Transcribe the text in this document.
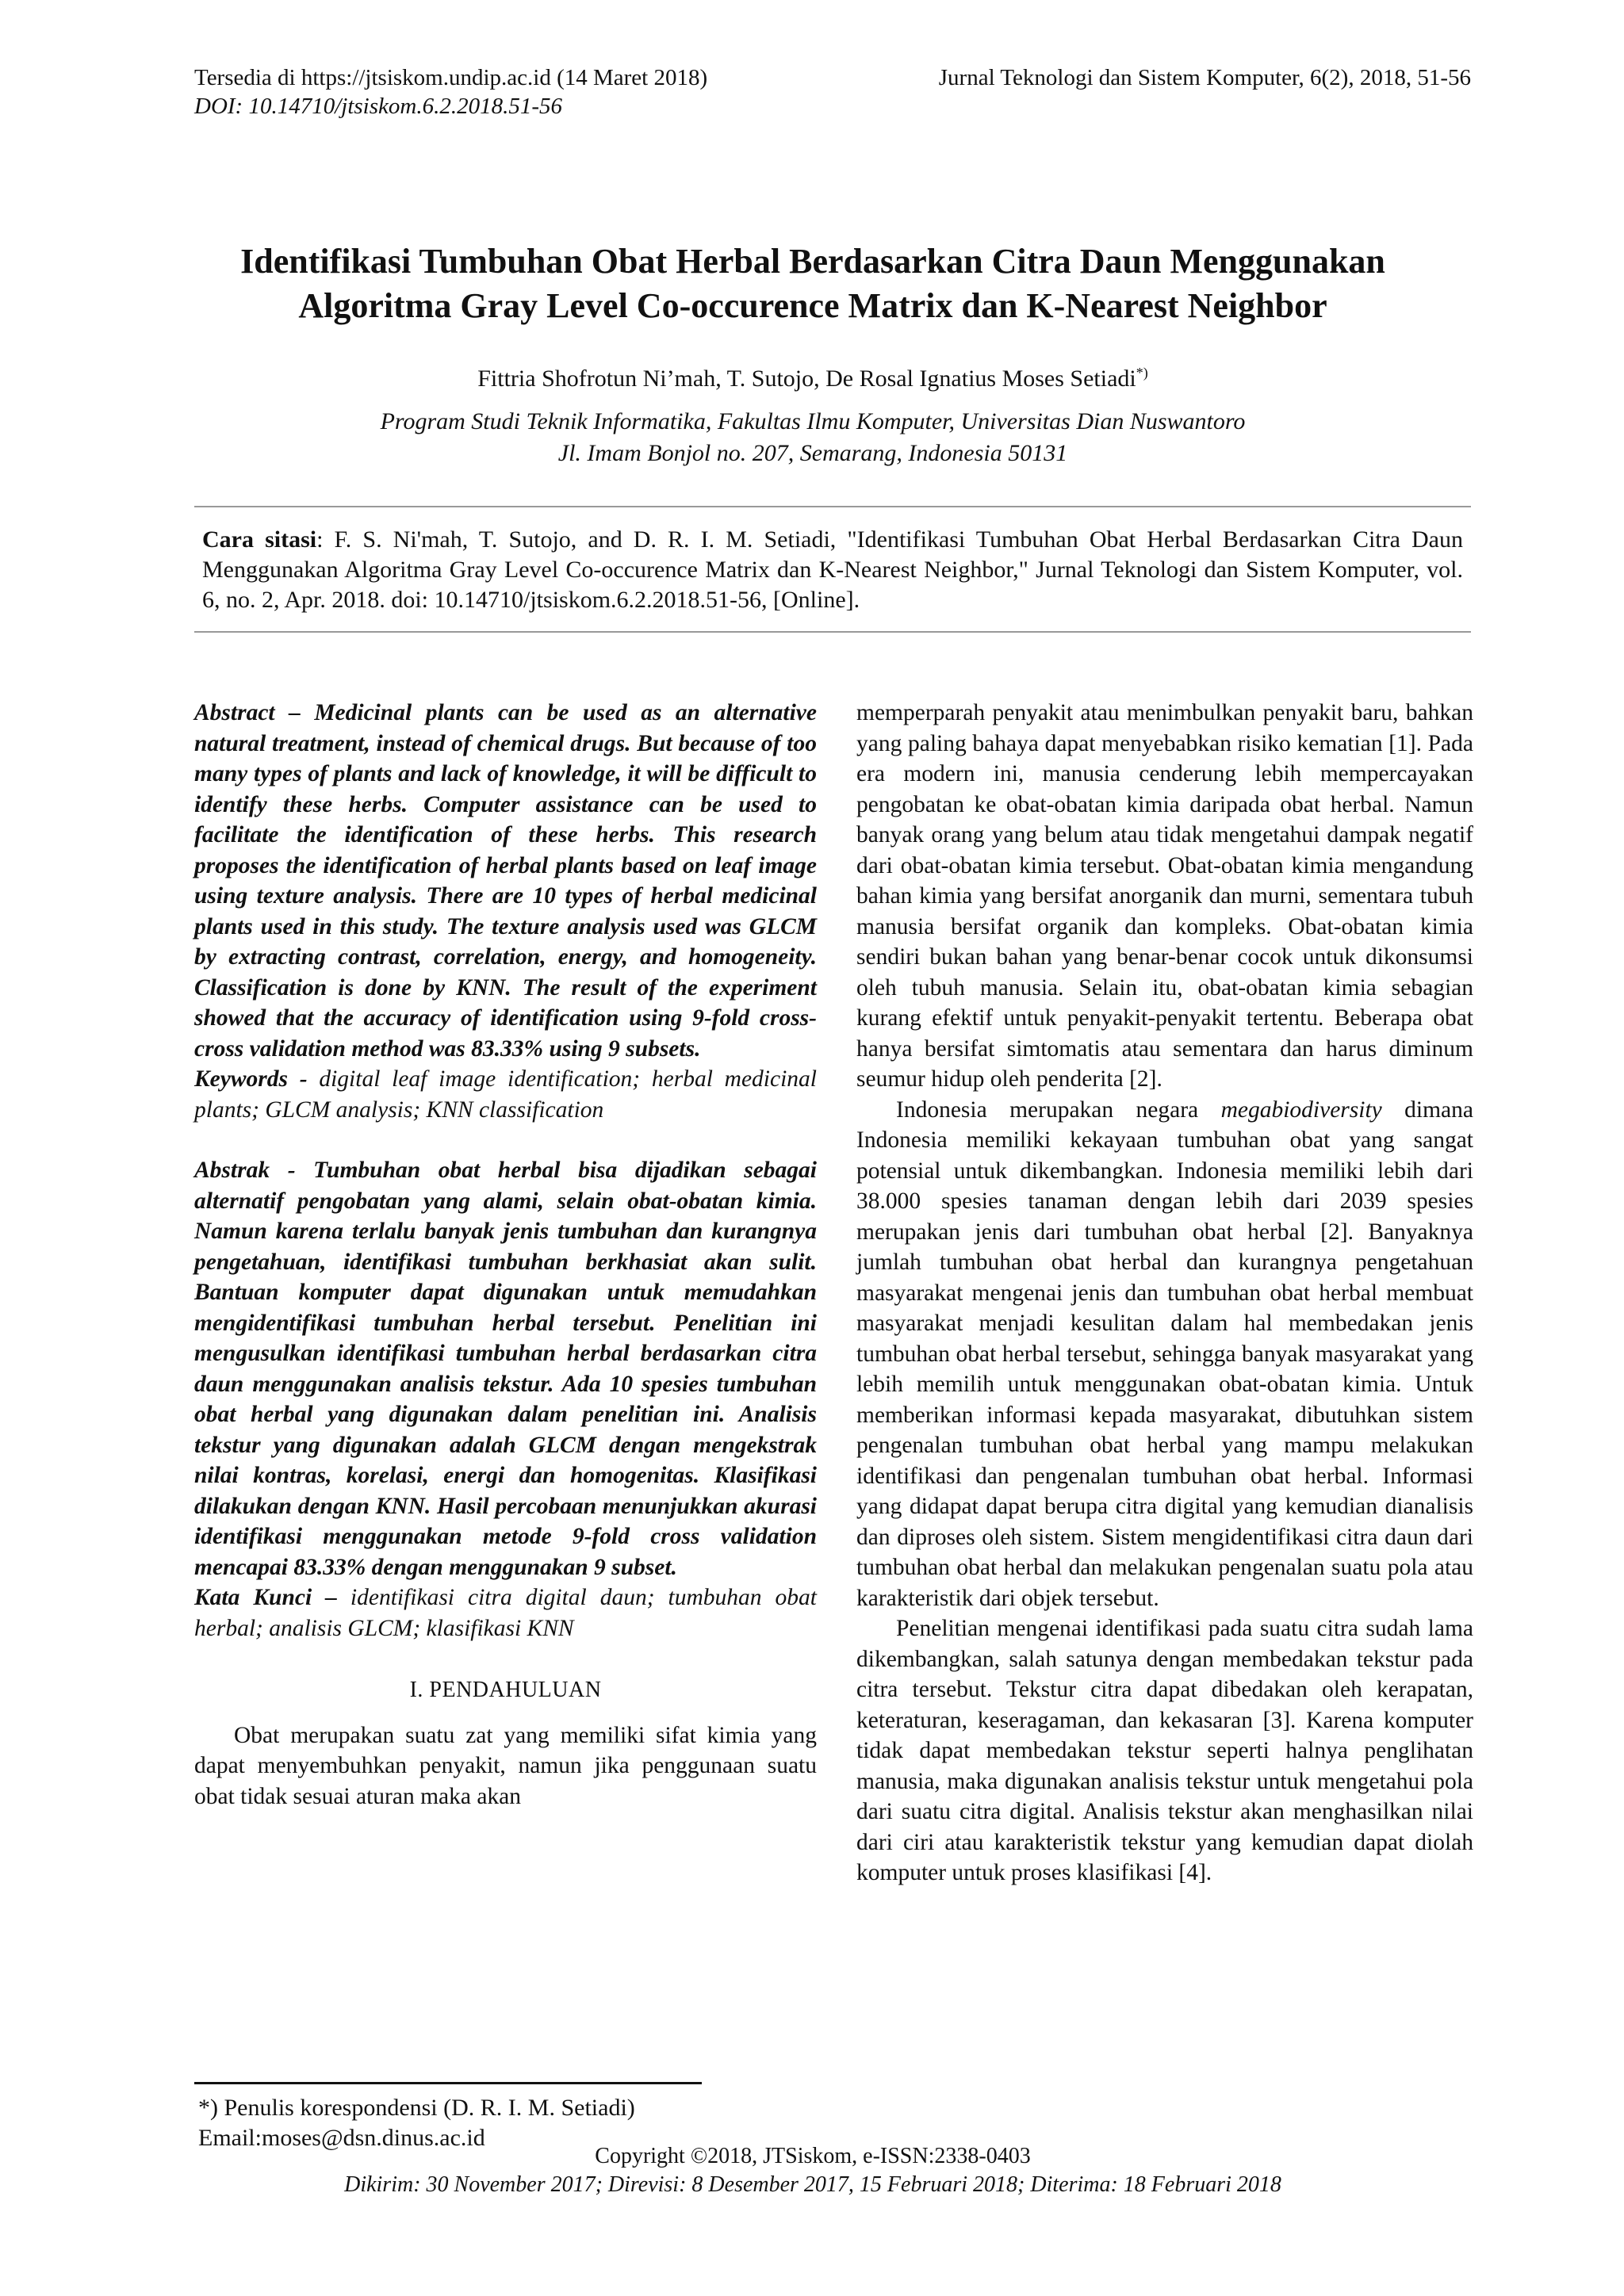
Tersedia di https://jtsiskom.undip.ac.id (14 Maret 2018)
DOI: 10.14710/jtsiskom.6.2.2018.51-56
Jurnal Teknologi dan Sistem Komputer, 6(2), 2018, 51-56
Identifikasi Tumbuhan Obat Herbal Berdasarkan Citra Daun Menggunakan
Algoritma Gray Level Co-occurence Matrix dan K-Nearest Neighbor
Fittria Shofrotun Ni’mah, T. Sutojo, De Rosal Ignatius Moses Setiadi*)
Program Studi Teknik Informatika, Fakultas Ilmu Komputer, Universitas Dian Nuswantoro
Jl. Imam Bonjol no. 207, Semarang, Indonesia 50131
Cara sitasi: F. S. Ni'mah, T. Sutojo, and D. R. I. M. Setiadi, "Identifikasi Tumbuhan Obat Herbal Berdasarkan Citra Daun Menggunakan Algoritma Gray Level Co-occurence Matrix dan K-Nearest Neighbor," Jurnal Teknologi dan Sistem Komputer, vol. 6, no. 2, Apr. 2018. doi: 10.14710/jtsiskom.6.2.2018.51-56, [Online].

Abstract – Medicinal plants can be used as an alternative natural treatment, instead of chemical drugs. But because of too many types of plants and lack of knowledge, it will be difficult to identify these herbs. Computer assistance can be used to facilitate the identification of these herbs. This research proposes the identification of herbal plants based on leaf image using texture analysis. There are 10 types of herbal medicinal plants used in this study. The texture analysis used was GLCM by extracting contrast, correlation, energy, and homogeneity. Classification is done by KNN. The result of the experiment showed that the accuracy of identification using 9-fold cross-cross validation method was 83.33% using 9 subsets.

Keywords - digital leaf image identification; herbal medicinal plants; GLCM analysis; KNN classification

Abstrak - Tumbuhan obat herbal bisa dijadikan sebagai alternatif pengobatan yang alami, selain obat-obatan kimia. Namun karena terlalu banyak jenis tumbuhan dan kurangnya pengetahuan, identifikasi tumbuhan berkhasiat akan sulit. Bantuan komputer dapat digunakan untuk memudahkan mengidentifikasi tumbuhan herbal tersebut. Penelitian ini mengusulkan identifikasi tumbuhan herbal berdasarkan citra daun menggunakan analisis tekstur. Ada 10 spesies tumbuhan obat herbal yang digunakan dalam penelitian ini. Analisis tekstur yang digunakan adalah GLCM dengan mengekstrak nilai kontras, korelasi, energi dan homogenitas. Klasifikasi dilakukan dengan KNN. Hasil percobaan menunjukkan akurasi identifikasi menggunakan metode 9-fold cross validation mencapai 83.33% dengan menggunakan 9 subset.

Kata Kunci – identifikasi citra digital daun; tumbuhan obat herbal; analisis GLCM; klasifikasi KNN

I. PENDAHULUAN

Obat merupakan suatu zat yang memiliki sifat kimia yang dapat menyembuhkan penyakit, namun jika penggunaan suatu obat tidak sesuai aturan maka akan

memperparah penyakit atau menimbulkan penyakit baru, bahkan yang paling bahaya dapat menyebabkan risiko kematian [1]. Pada era modern ini, manusia cenderung lebih mempercayakan pengobatan ke obat-obatan kimia daripada obat herbal. Namun banyak orang yang belum atau tidak mengetahui dampak negatif dari obat-obatan kimia tersebut. Obat-obatan kimia mengandung bahan kimia yang bersifat anorganik dan murni, sementara tubuh manusia bersifat organik dan kompleks. Obat-obatan kimia sendiri bukan bahan yang benar-benar cocok untuk dikonsumsi oleh tubuh manusia. Selain itu, obat-obatan kimia sebagian kurang efektif untuk penyakit-penyakit tertentu. Beberapa obat hanya bersifat simtomatis atau sementara dan harus diminum seumur hidup oleh penderita [2].

Indonesia merupakan negara megabiodiversity dimana Indonesia memiliki kekayaan tumbuhan obat yang sangat potensial untuk dikembangkan. Indonesia memiliki lebih dari 38.000 spesies tanaman dengan lebih dari 2039 spesies merupakan jenis dari tumbuhan obat herbal [2]. Banyaknya jumlah tumbuhan obat herbal dan kurangnya pengetahuan masyarakat mengenai jenis dan tumbuhan obat herbal membuat masyarakat menjadi kesulitan dalam hal membedakan jenis tumbuhan obat herbal tersebut, sehingga banyak masyarakat yang lebih memilih untuk menggunakan obat-obatan kimia. Untuk memberikan informasi kepada masyarakat, dibutuhkan sistem pengenalan tumbuhan obat herbal yang mampu melakukan identifikasi dan pengenalan tumbuhan obat herbal. Informasi yang didapat dapat berupa citra digital yang kemudian dianalisis dan diproses oleh sistem. Sistem mengidentifikasi citra daun dari tumbuhan obat herbal dan melakukan pengenalan suatu pola atau karakteristik dari objek tersebut.

Penelitian mengenai identifikasi pada suatu citra sudah lama dikembangkan, salah satunya dengan membedakan tekstur pada citra tersebut. Tekstur citra dapat dibedakan oleh kerapatan, keteraturan, keseragaman, dan kekasaran [3]. Karena komputer tidak dapat membedakan tekstur seperti halnya penglihatan manusia, maka digunakan analisis tekstur untuk mengetahui pola dari suatu citra digital. Analisis tekstur akan menghasilkan nilai dari ciri atau karakteristik tekstur yang kemudian dapat diolah komputer untuk proses klasifikasi [4].

*) Penulis korespondensi (D. R. I. M. Setiadi)
Email:moses@dsn.dinus.ac.id
Copyright ©2018, JTSiskom, e-ISSN:2338-0403
Dikirim: 30 November 2017; Direvisi: 8 Desember 2017, 15 Februari 2018; Diterima: 18 Februari 2018
